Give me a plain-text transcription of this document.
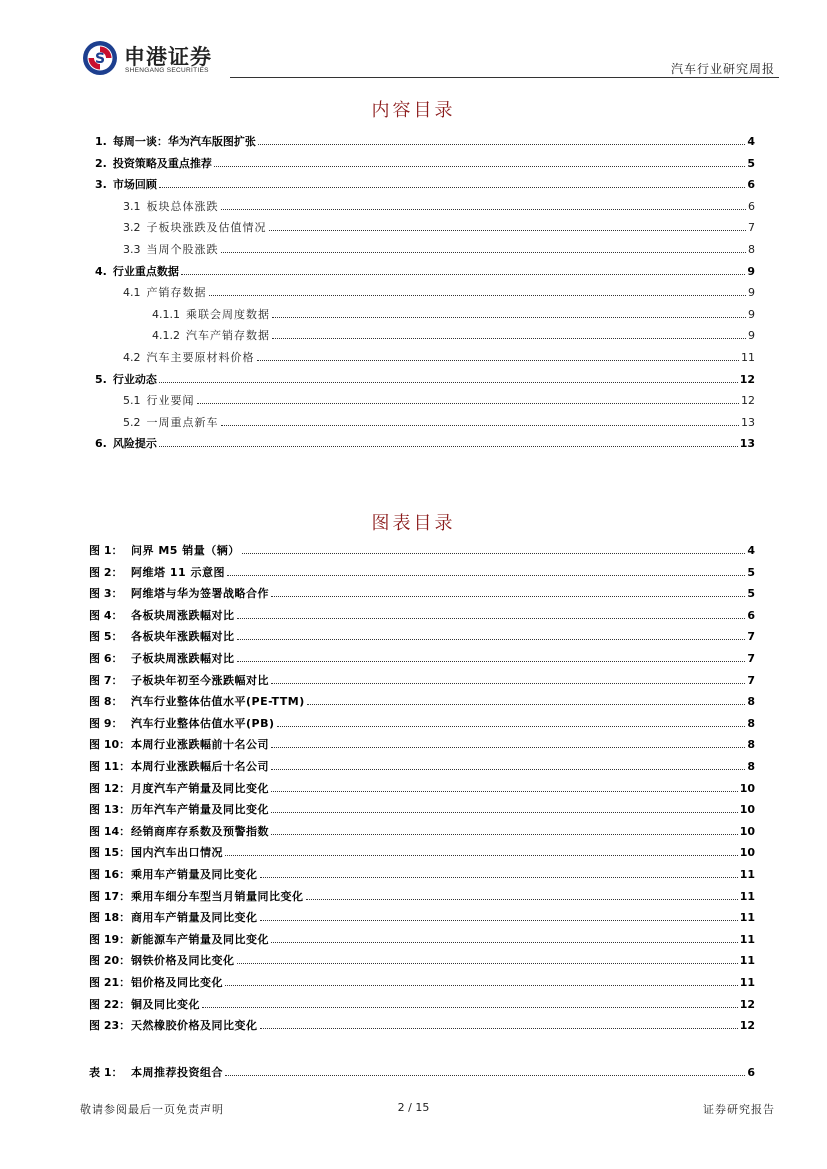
S 申港证券
SHENGANG SECURITIES	汽车行业研究周报
内容目录
1. 每周一谈：华为汽车版图扩张	4
2. 投资策略及重点推荐	5
3. 市场回顾	6
3.1 板块总体涨跌	6
3.2 子板块涨跌及估值情况	7
3.3 当周个股涨跌	8
4. 行业重点数据	9
4.1 产销存数据	9
4.1.1 乘联会周度数据	9
4.1.2 汽车产销存数据	9
4.2 汽车主要原材料价格	11
5. 行业动态	12
5.1 行业要闻	12
5.2 一周重点新车	13
6. 风险提示	13
图表目录
图 1： 问界 M5 销量（辆）	4
图 2： 阿维塔 11 示意图	5
图 3： 阿维塔与华为签署战略合作	5
图 4： 各板块周涨跌幅对比	6
图 5： 各板块年涨跌幅对比	7
图 6： 子板块周涨跌幅对比	7
图 7： 子板块年初至今涨跌幅对比	7
图 8： 汽车行业整体估值水平(PE-TTM)	8
图 9： 汽车行业整体估值水平(PB)	8
图 10： 本周行业涨跌幅前十名公司	8
图 11： 本周行业涨跌幅后十名公司	8
图 12： 月度汽车产销量及同比变化	10
图 13： 历年汽车产销量及同比变化	10
图 14： 经销商库存系数及预警指数	10
图 15： 国内汽车出口情况	10
图 16： 乘用车产销量及同比变化	11
图 17： 乘用车细分车型当月销量同比变化	11
图 18： 商用车产销量及同比变化	11
图 19： 新能源车产销量及同比变化	11
图 20： 钢铁价格及同比变化	11
图 21： 铝价格及同比变化	11
图 22： 铜及同比变化	12
图 23： 天然橡胶价格及同比变化	12
表 1： 本周推荐投资组合	6
敬请参阅最后一页免责声明	2 / 15	证券研究报告
